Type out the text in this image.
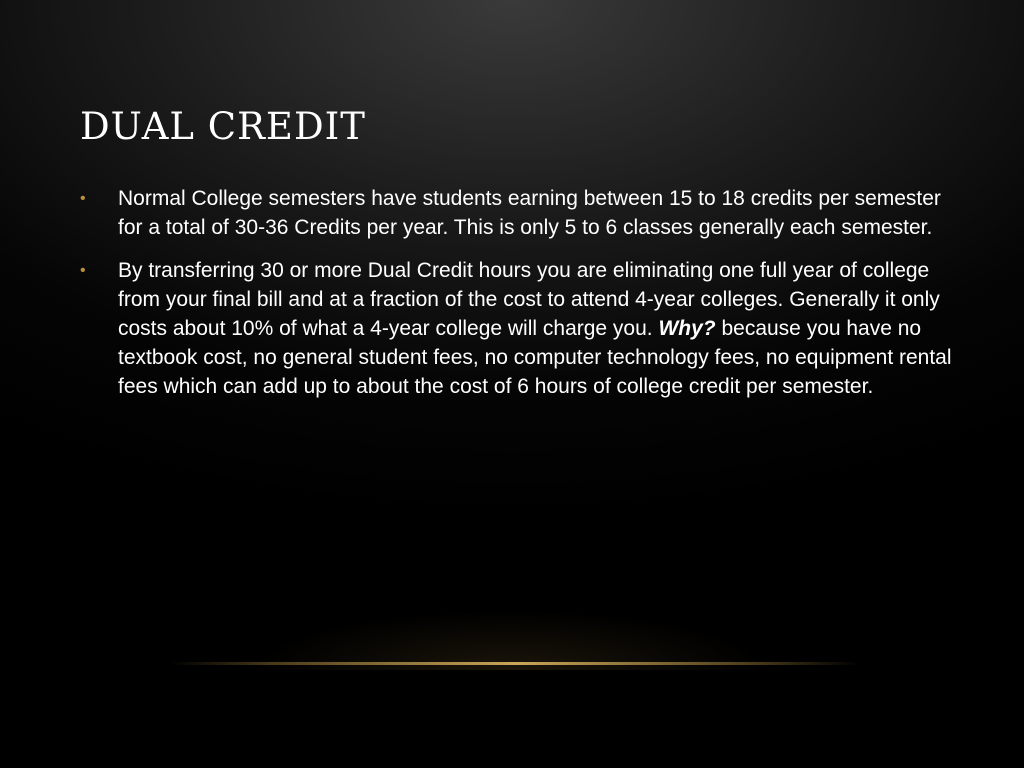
DUAL CREDIT
• Normal College semesters have students earning between 15 to 18 credits per semester for a total of 30-36 Credits per year. This is only 5 to 6 classes generally each semester.
• By transferring 30 or more Dual Credit hours you are eliminating one full year of college from your final bill and at a fraction of the cost to attend 4-year colleges. Generally it only costs about 10% of what a 4-year college will charge you. Why? because you have no textbook cost, no general student fees, no computer technology fees, no equipment rental fees which can add up to about the cost of 6 hours of college credit per semester.
